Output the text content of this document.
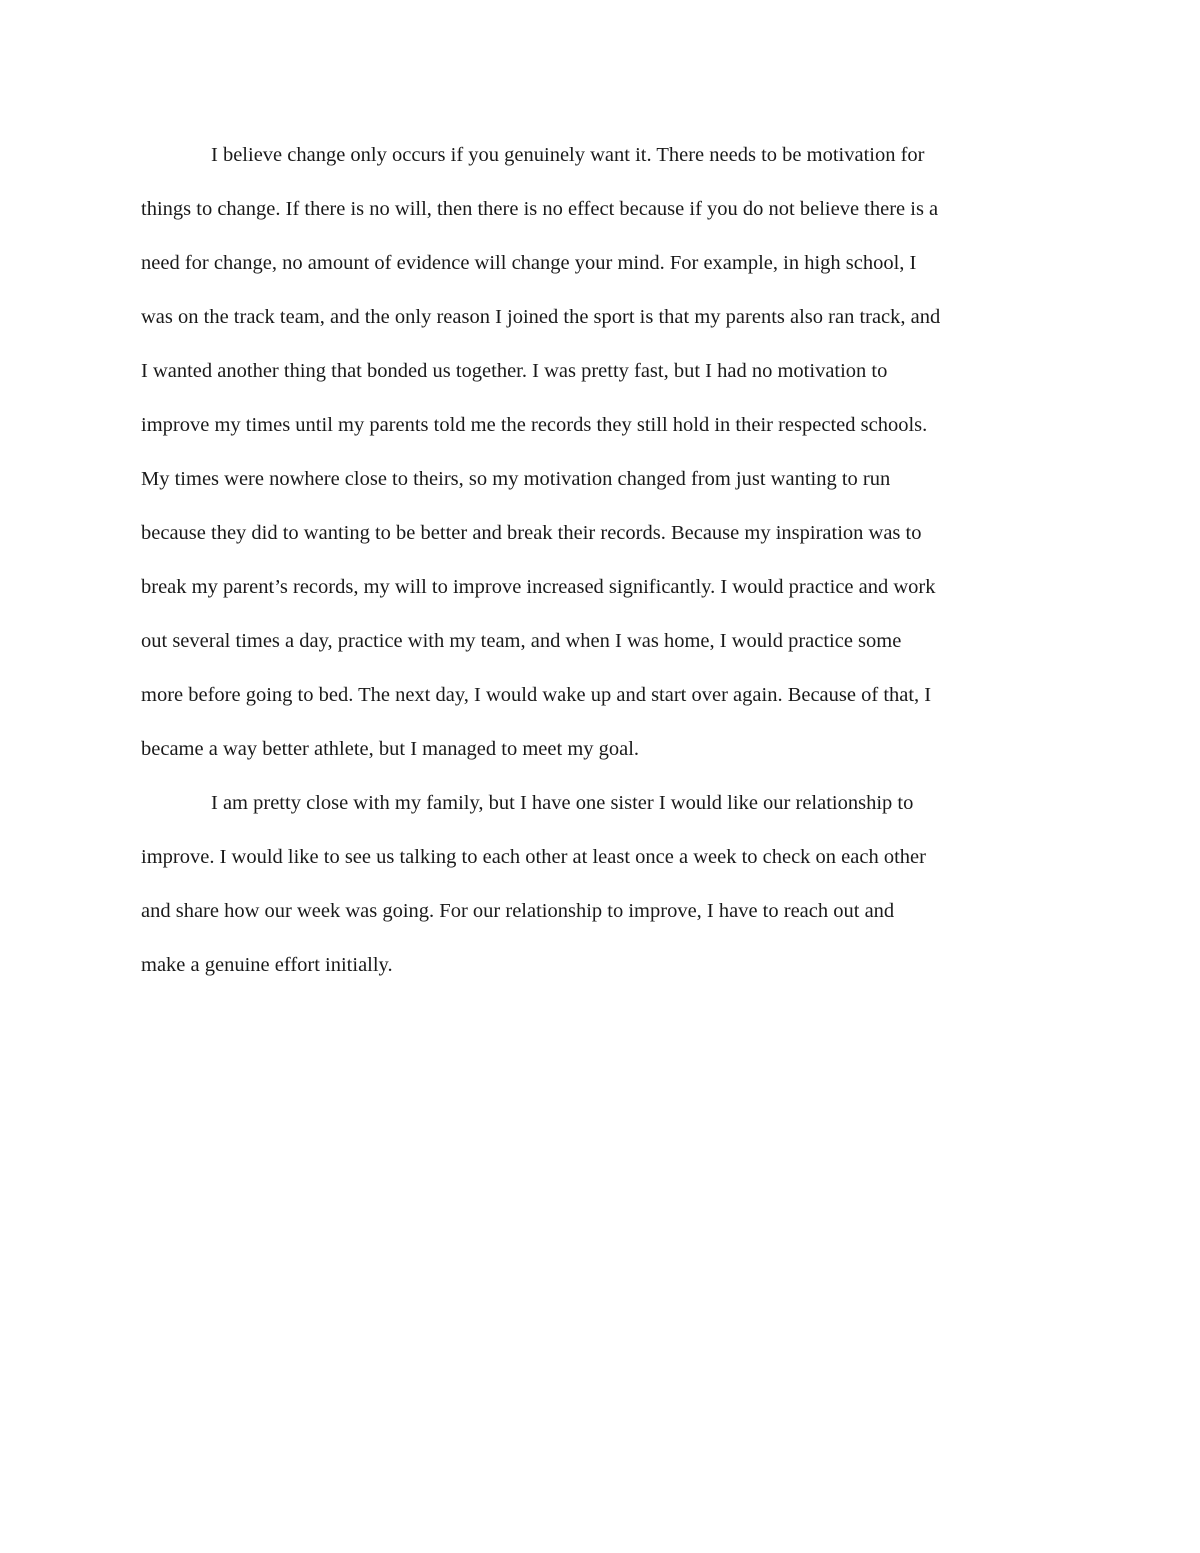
I believe change only occurs if you genuinely want it. There needs to be motivation for
things to change. If there is no will, then there is no effect because if you do not believe there is a
need for change, no amount of evidence will change your mind. For example, in high school, I
was on the track team, and the only reason I joined the sport is that my parents also ran track, and
I wanted another thing that bonded us together. I was pretty fast, but I had no motivation to
improve my times until my parents told me the records they still hold in their respected schools.
My times were nowhere close to theirs, so my motivation changed from just wanting to run
because they did to wanting to be better and break their records. Because my inspiration was to
break my parent’s records, my will to improve increased significantly. I would practice and work
out several times a day, practice with my team, and when I was home, I would practice some
more before going to bed. The next day, I would wake up and start over again. Because of that, I
became a way better athlete, but I managed to meet my goal.
I am pretty close with my family, but I have one sister I would like our relationship to
improve. I would like to see us talking to each other at least once a week to check on each other
and share how our week was going. For our relationship to improve, I have to reach out and
make a genuine effort initially.
